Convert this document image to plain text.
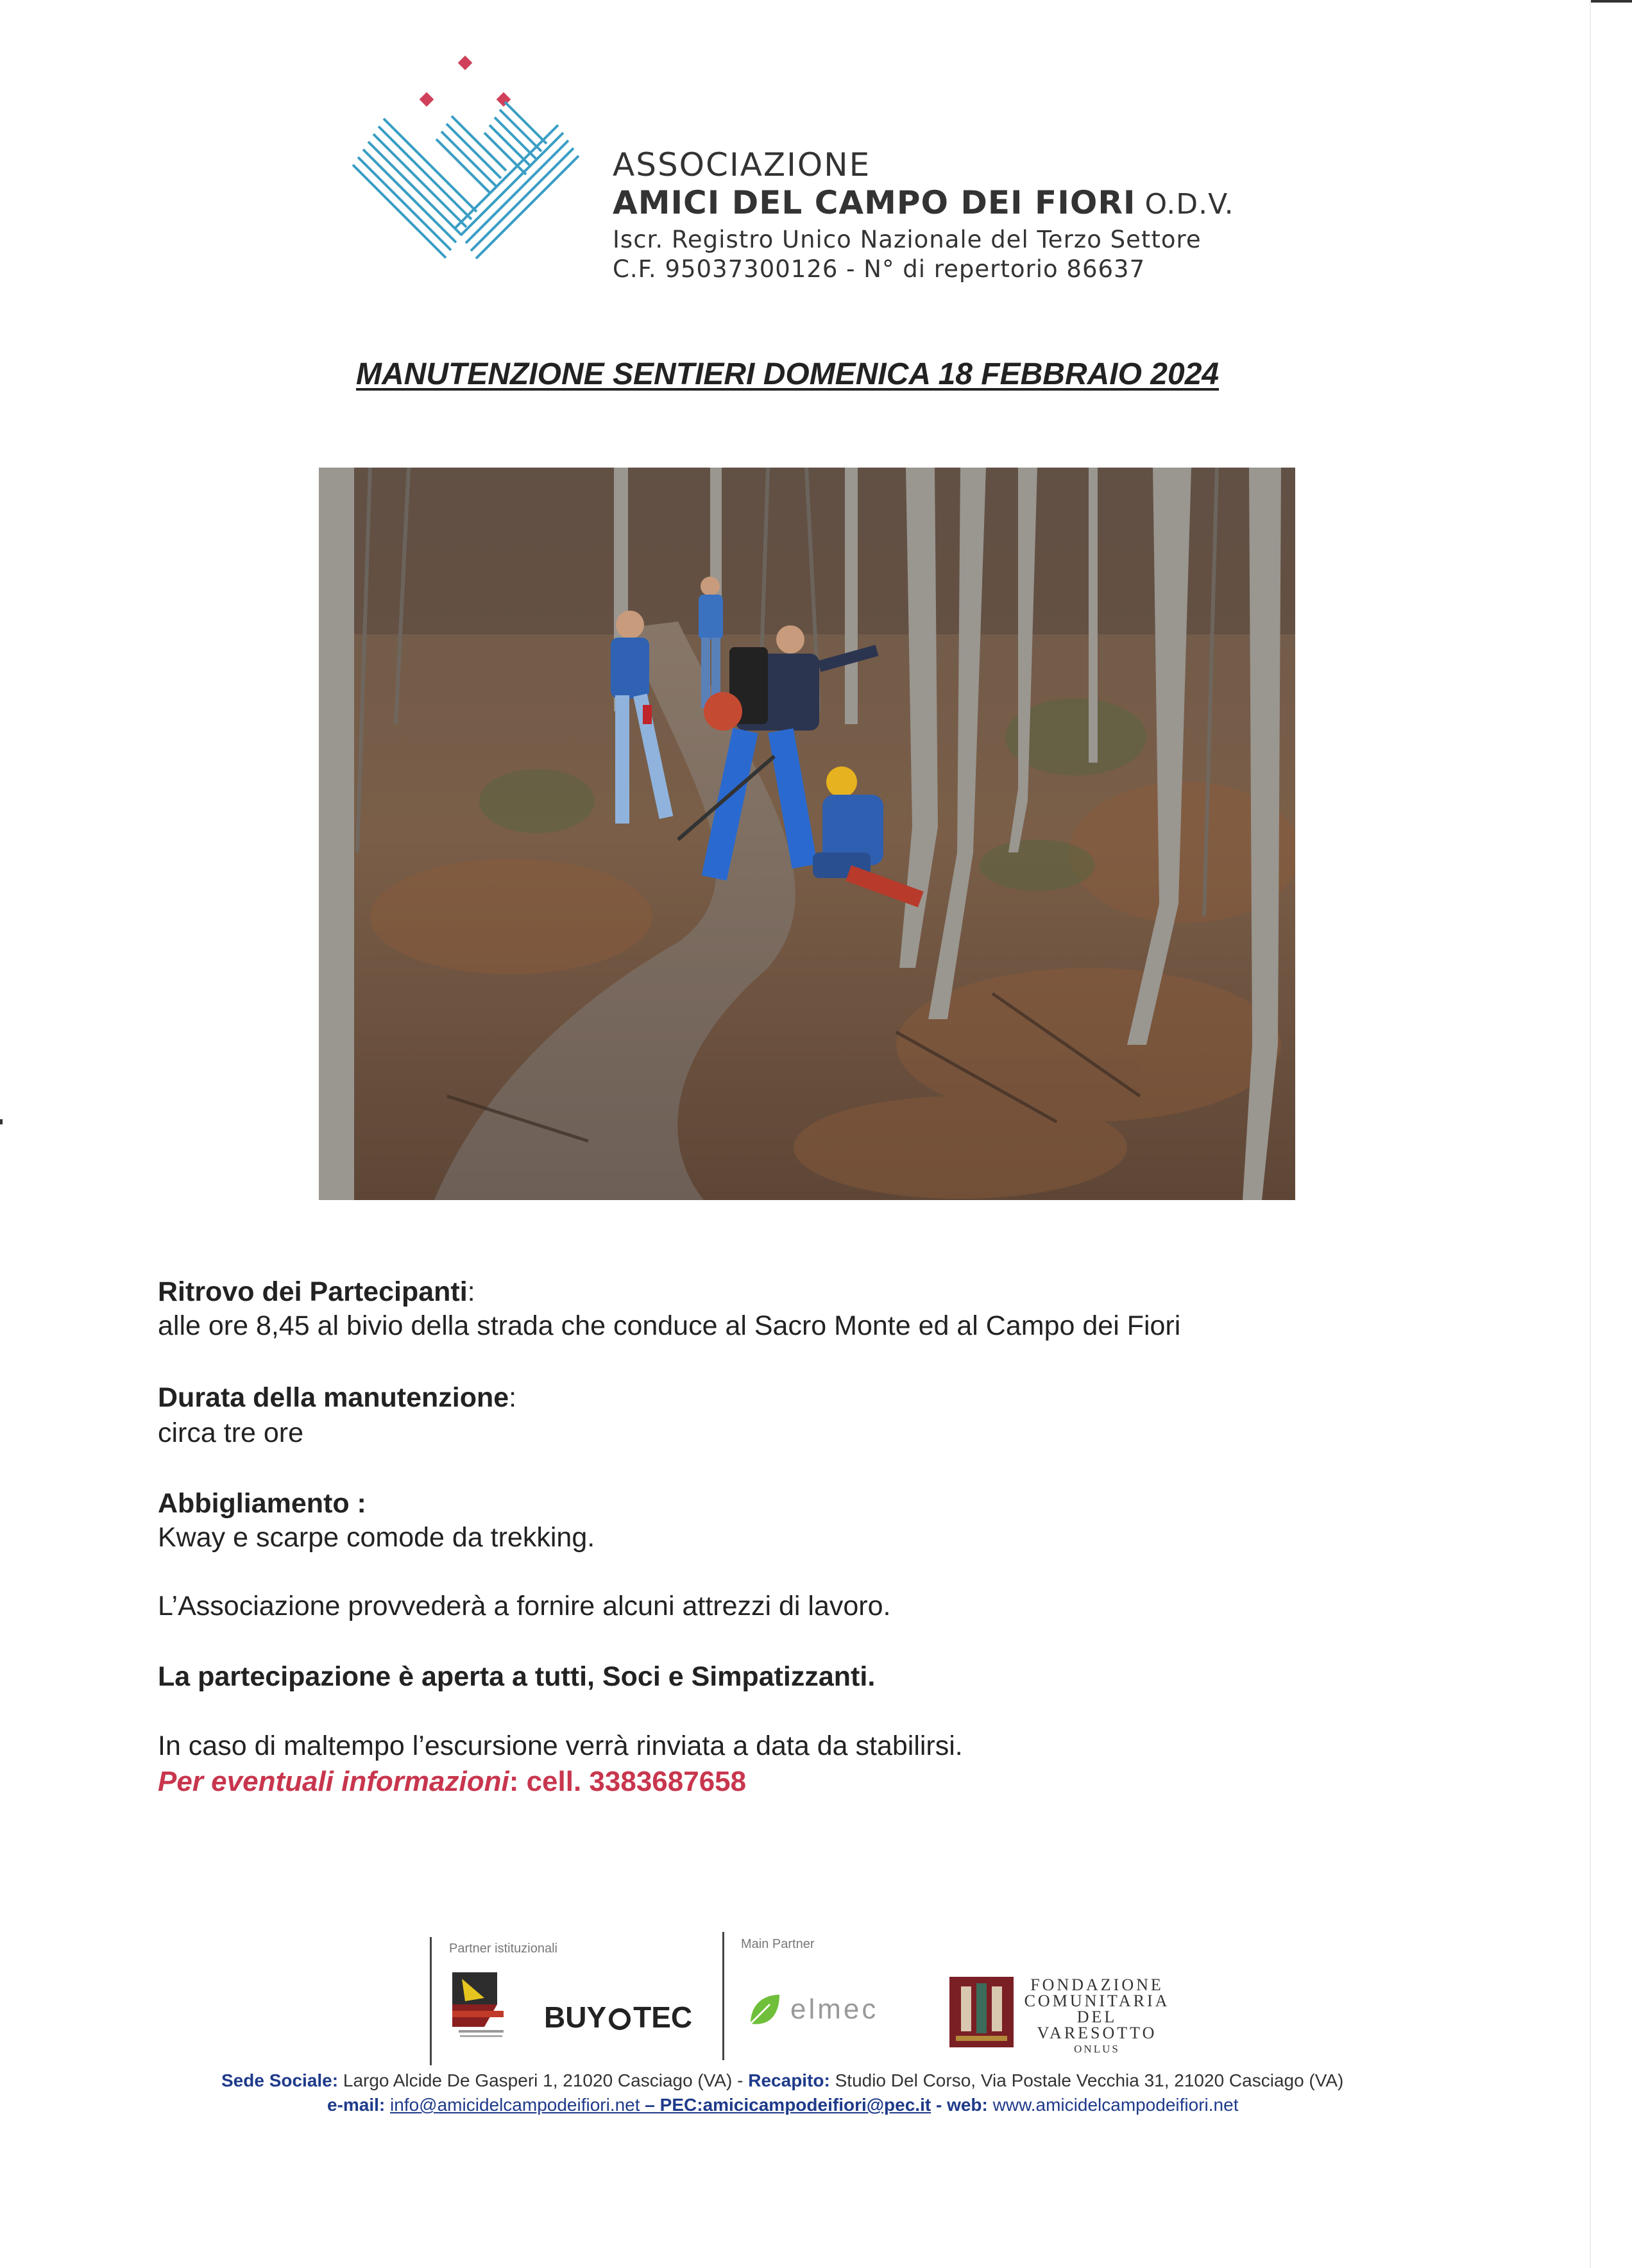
ASSOCIAZIONE
AMICI DEL CAMPO DEI FIORI O.D.V.
Iscr. Registro Unico Nazionale del Terzo Settore
C.F. 95037300126 - N° di repertorio 86637
MANUTENZIONE SENTIERI DOMENICA 18 FEBBRAIO 2024
Ritrovo dei Partecipanti:
alle ore 8,45 al bivio della strada che conduce al Sacro Monte ed al Campo dei Fiori
Durata della manutenzione:
circa tre ore
Abbigliamento :
Kway e scarpe comode da trekking.
L’Associazione provvederà a fornire alcuni attrezzi di lavoro.
La partecipazione è aperta a tutti, Soci e Simpatizzanti.
In caso di maltempo l’escursione verrà rinviata a data da stabilirsi.
Per eventuali informazioni: cell. 3383687658
Partner istituzionali
BUY TEC
Main Partner
elmec
FONDAZIONE
COMUNITARIA
DEL VARESOTTO
ONLUS
Sede Sociale: Largo Alcide De Gasperi 1, 21020 Casciago (VA) - Recapito: Studio Del Corso, Via Postale Vecchia 31, 21020 Casciago (VA)
e-mail: info@amicidelcampodeifiori.net – PEC:amicicampodeifiori@pec.it - web: www.amicidelcampodeifiori.net
